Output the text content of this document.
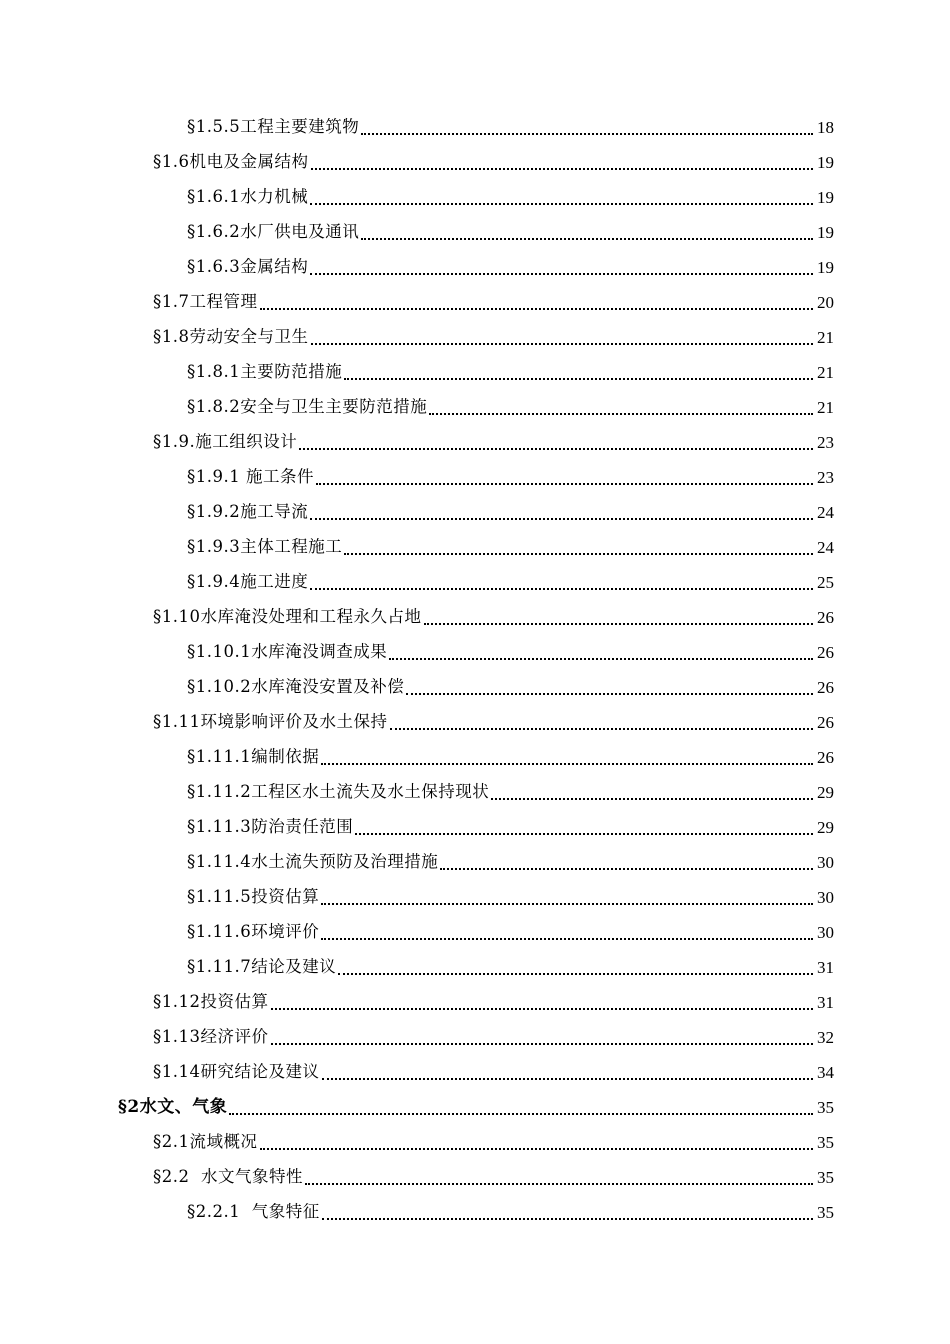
§1.5.5工程主要建筑物	18
§1.6机电及金属结构	19
§1.6.1水力机械	19
§1.6.2水厂供电及通讯	19
§1.6.3金属结构	19
§1.7工程管理	20
§1.8劳动安全与卫生	21
§1.8.1主要防范措施	21
§1.8.2安全与卫生主要防范措施	21
§1.9.施工组织设计	23
§1.9.1 施工条件	23
§1.9.2施工导流	24
§1.9.3主体工程施工	24
§1.9.4施工进度	25
§1.10水库淹没处理和工程永久占地	26
§1.10.1水库淹没调查成果	26
§1.10.2水库淹没安置及补偿	26
§1.11环境影响评价及水土保持	26
§1.11.1编制依据	26
§1.11.2工程区水土流失及水土保持现状	29
§1.11.3防治责任范围	29
§1.11.4水土流失预防及治理措施	30
§1.11.5投资估算	30
§1.11.6环境评价	30
§1.11.7结论及建议	31
§1.12投资估算	31
§1.13经济评价	32
§1.14研究结论及建议	34
§2水文、气象	35
§2.1流域概况	35
§2.2  水文气象特性	35
§2.2.1  气象特征	35
